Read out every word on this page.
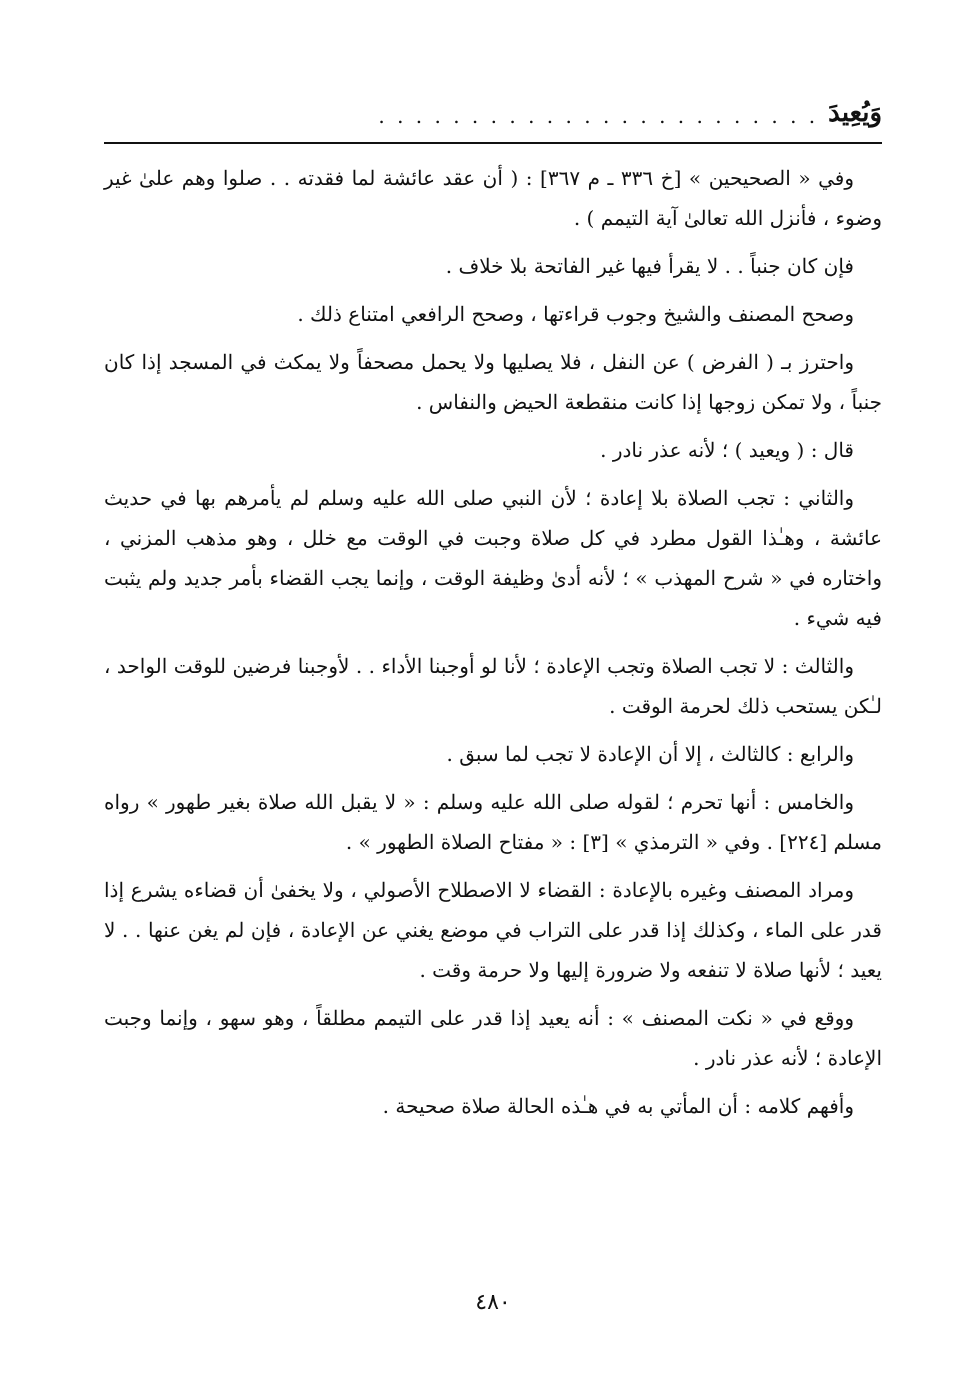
وَيُعِيدَ
. . . . . . . . . . . . . . . . . . . . . . . .

وفي « الصحيحين » [خ ٣٣٦ ـ م ٣٦٧] : ( أن عقد عائشة لما فقدته . . صلوا وهم علىٰ غير وضوء ، فأنزل الله تعالىٰ آية التيمم ) .

فإن كان جنباً . . لا يقرأ فيها غير الفاتحة بلا خلاف .

وصحح المصنف والشيخ وجوب قراءتها ، وصحح الرافعي امتناع ذلك .

واحترز بـ ( الفرض ) عن النفل ، فلا يصليها ولا يحمل مصحفاً ولا يمكث في المسجد إذا كان جنباً ، ولا تمكن زوجها إذا كانت منقطعة الحيض والنفاس .

قال : ( ويعيد ) ؛ لأنه عذر نادر .

والثاني : تجب الصلاة بلا إعادة ؛ لأن النبي صلى الله عليه وسلم لم يأمرهم بها في حديث عائشة ، وهـٰذا القول مطرد في كل صلاة وجبت في الوقت مع خلل ، وهو مذهب المزني ، واختاره في « شرح المهذب » ؛ لأنه أدىٰ وظيفة الوقت ، وإنما يجب القضاء بأمر جديد ولم يثبت فيه شيء .

والثالث : لا تجب الصلاة وتجب الإعادة ؛ لأنا لو أوجبنا الأداء . . لأوجبنا فرضين للوقت الواحد ، لـٰكن يستحب ذلك لحرمة الوقت .

والرابع : كالثالث ، إلا أن الإعادة لا تجب لما سبق .

والخامس : أنها تحرم ؛ لقوله صلى الله عليه وسلم : « لا يقبل الله صلاة بغير طهور » رواه مسلم [٢٢٤] . وفي « الترمذي » [٣] : « مفتاح الصلاة الطهور » .

ومراد المصنف وغيره بالإعادة : القضاء لا الاصطلاح الأصولي ، ولا يخفىٰ أن قضاءه يشرع إذا قدر على الماء ، وكذلك إذا قدر على التراب في موضع يغني عن الإعادة ، فإن لم يغن عنها . . لا يعيد ؛ لأنها صلاة لا تنفعه ولا ضرورة إليها ولا حرمة وقت .

ووقع في « نكت المصنف » : أنه يعيد إذا قدر على التيمم مطلقاً ، وهو سهو ، وإنما وجبت الإعادة ؛ لأنه عذر نادر .

وأفهم كلامه : أن المأتي به في هـٰذه الحالة صلاة صحيحة .

٤٨٠
